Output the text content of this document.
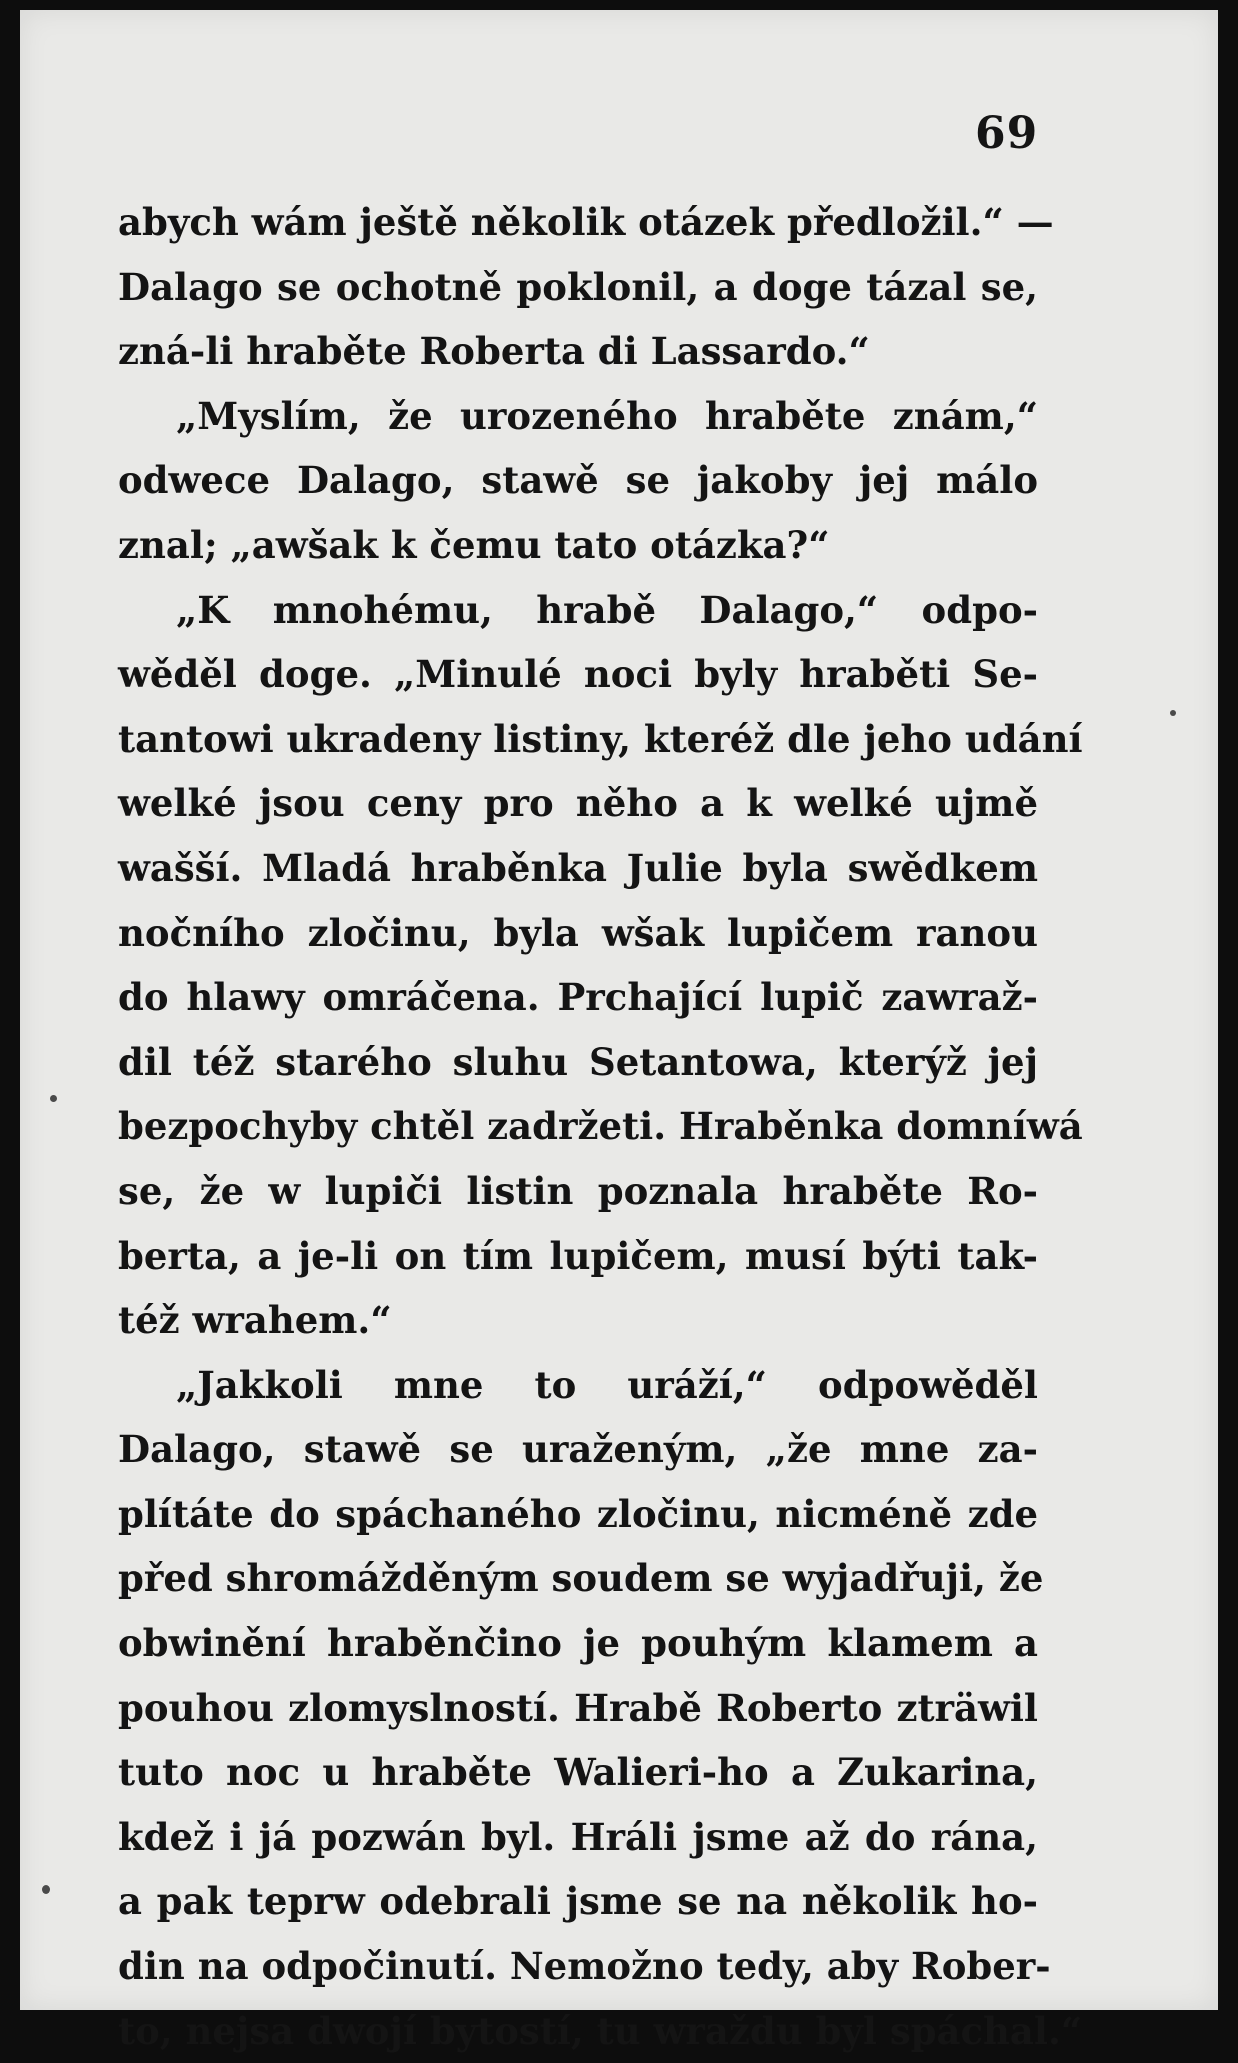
69
abych wám ještě několik otázek předložil.“ —
Dalago se ochotně poklonil, a doge tázal se,
zná-li hraběte Roberta di Lassardo.“
„Myslím, že urozeného hraběte znám,“
odwece Dalago, stawě se jakoby jej málo
znal; „awšak k čemu tato otázka?“
„K mnohému, hrabě Dalago,“ odpo-
wěděl doge. „Minulé noci byly hraběti Se-
tantowi ukradeny listiny, kteréž dle jeho udání
welké jsou ceny pro něho a k welké ujmě
wašší. Mladá hraběnka Julie byla swědkem
nočního zločinu, byla wšak lupičem ranou
do hlawy omráčena. Prchající lupič zawraž-
dil též starého sluhu Setantowa, kterýž jej
bezpochyby chtěl zadržeti. Hraběnka domníwá
se, že w lupiči listin poznala hraběte Ro-
berta, a je-li on tím lupičem, musí býti tak-
též wrahem.“
„Jakkoli mne to uráží,“ odpowěděl
Dalago, stawě se uraženým, „že mne za-
plítáte do spáchaného zločinu, nicméně zde
před shromážděným soudem se wyjadřuji, že
obwinění hraběnčino je pouhým klamem a
pouhou zlomyslností. Hrabě Roberto zträwil
tuto noc u hraběte Walieri-ho a Zukarina,
kdež i já pozwán byl. Hráli jsme až do rána,
a pak teprw odebrali jsme se na několik ho-
din na odpočinutí. Nemožno tedy, aby Rober-
to, nejsa dwojí bytostí, tu wraždu byl spáchal.“
